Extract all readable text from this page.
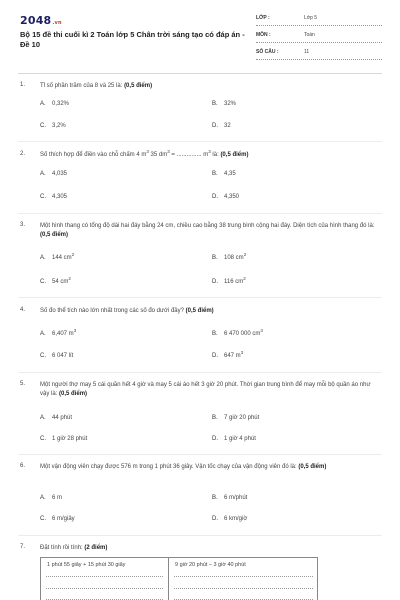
2048.vn
Bộ 15 đề thi cuối kì 2 Toán lớp 5 Chân trời sáng tạo có đáp án - Đề 10
LỚP :	Lớp 5
MÔN :	Toán
SỐ CÂU :	11
1. Tỉ số phần trăm của 8 và 25 là: (0,5 điểm)
A. 0,32%	B. 32%
C. 3,2%	D. 32
2. Số thích hợp để điền vào chỗ chấm 4 $m^3$ 35 $dm^3$ = ............... $m^3$ là: (0,5 điểm)
A. 4,035	B. 4,35
C. 4,305	D. 4,350
3. Một hình thang có tổng độ dài hai đáy bằng 24 cm, chiều cao bằng 38 trung bình cộng hai đáy. Diện tích của hình thang đó là: (0,5 điểm)
A. 144 $cm^2$
B. 108 $cm^2$
C. 54 $cm^2$
D. 116 $cm^2$
4. Số đo thể tích nào lớn nhất trong các số đo dưới đây? (0,5 điểm)
A. 6,407 $m^3$
B. 6 470 000 $cm^3$
C. 6 047 lít	D. 647 $m^3$
5. Một người thợ may 5 cái quần hết 4 giờ và may 5 cái áo hết 3 giờ 20 phút. Thời gian trung bình để may mỗi bộ quần áo như vậy là: (0,5 điểm)
A. 44 phút	B. 7 giờ 20 phút
C. 1 giờ 28 phút	D. 1 giờ 4 phút
6. Một vận động viên chạy được 576 m trong 1 phút 36 giây. Vận tốc chạy của vận động viên đó là: (0,5 điểm)
A. 6 m	B. 6 m/phút
C. 6 m/giây	D. 6 km/giờ
7. Đặt tính rồi tính: (2 điểm)
1 phút 55 giây + 15 phút 30 giây	9 giờ 20 phút – 3 giờ 40 phút
